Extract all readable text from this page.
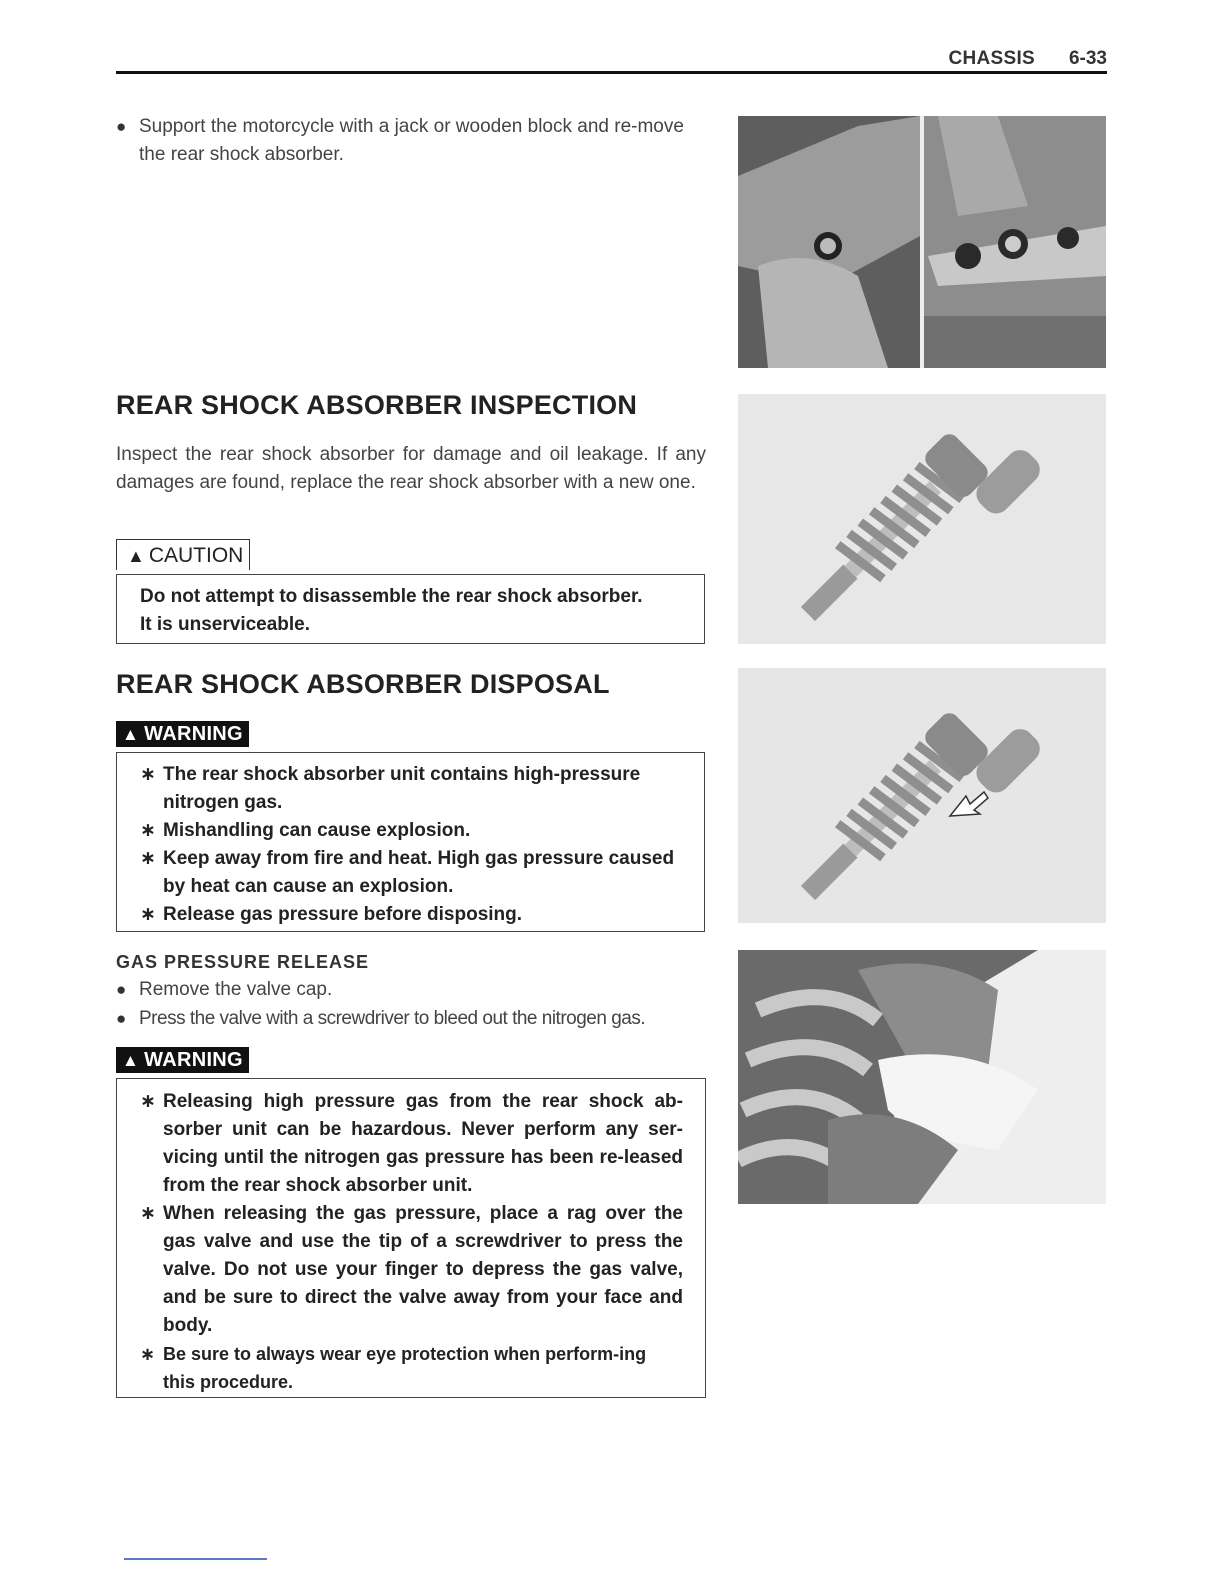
CHASSIS 6-33
● Support the motorcycle with a jack or wooden block and re-move the rear shock absorber.
REAR SHOCK ABSORBER INSPECTION
Inspect the rear shock absorber for damage and oil leakage. If any damages are found, replace the rear shock absorber with a new one.
▲ CAUTION
Do not attempt to disassemble the rear shock absorber.
It is unserviceable.
REAR SHOCK ABSORBER DISPOSAL
▲ WARNING
∗ The rear shock absorber unit contains high-pressure nitrogen gas.
∗ Mishandling can cause explosion.
∗ Keep away from fire and heat. High gas pressure caused by heat can cause an explosion.
∗ Release gas pressure before disposing.
GAS PRESSURE RELEASE
● Remove the valve cap.
● Press the valve with a screwdriver to bleed out the nitrogen gas.
▲ WARNING
∗ Releasing high pressure gas from the rear shock ab-sorber unit can be hazardous. Never perform any ser-vicing until the nitrogen gas pressure has been re-leased from the rear shock absorber unit.
∗ When releasing the gas pressure, place a rag over the gas valve and use the tip of a screwdriver to press the valve. Do not use your finger to depress the gas valve, and be sure to direct the valve away from your face and body.
∗ Be sure to always wear eye protection when perform-ing this procedure.
